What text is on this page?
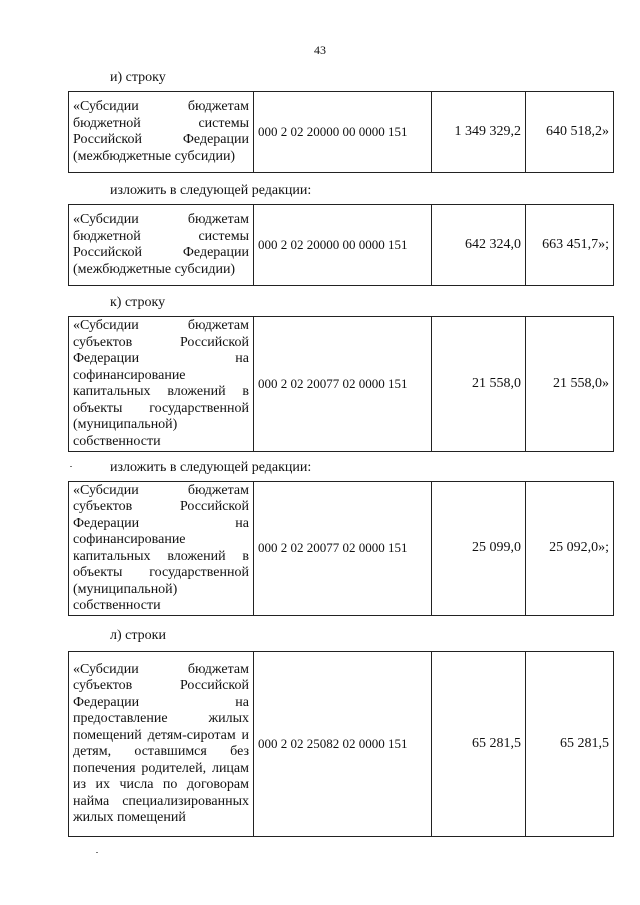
43
и) строку
«Субсидии бюджетам бюджетной системы Российской Федерации (межбюджетные субсидии)	000 2 02 20000 00 0000 151	1 349 329,2	640 518,2»
изложить в следующей редакции:
«Субсидии бюджетам бюджетной системы Российской Федерации (межбюджетные субсидии)	000 2 02 20000 00 0000 151	642 324,0	663 451,7»;
к) строку
«Субсидии бюджетам субъектов Российской Федерации на софинансирование капитальных вложений в объекты государственной (муниципальной) собственности	000 2 02 20077 02 0000 151	21 558,0	21 558,0»
изложить в следующей редакции:
«Субсидии бюджетам субъектов Российской Федерации на софинансирование капитальных вложений в объекты государственной (муниципальной) собственности	000 2 02 20077 02 0000 151	25 099,0	25 092,0»;
л) строки
«Субсидии бюджетам субъектов Российской Федерации на предоставление жилых помещений детям-сиротам и детям, оставшимся без попечения родителей, лицам из их числа по договорам найма специализированных жилых помещений	000 2 02 25082 02 0000 151	65 281,5	65 281,5
